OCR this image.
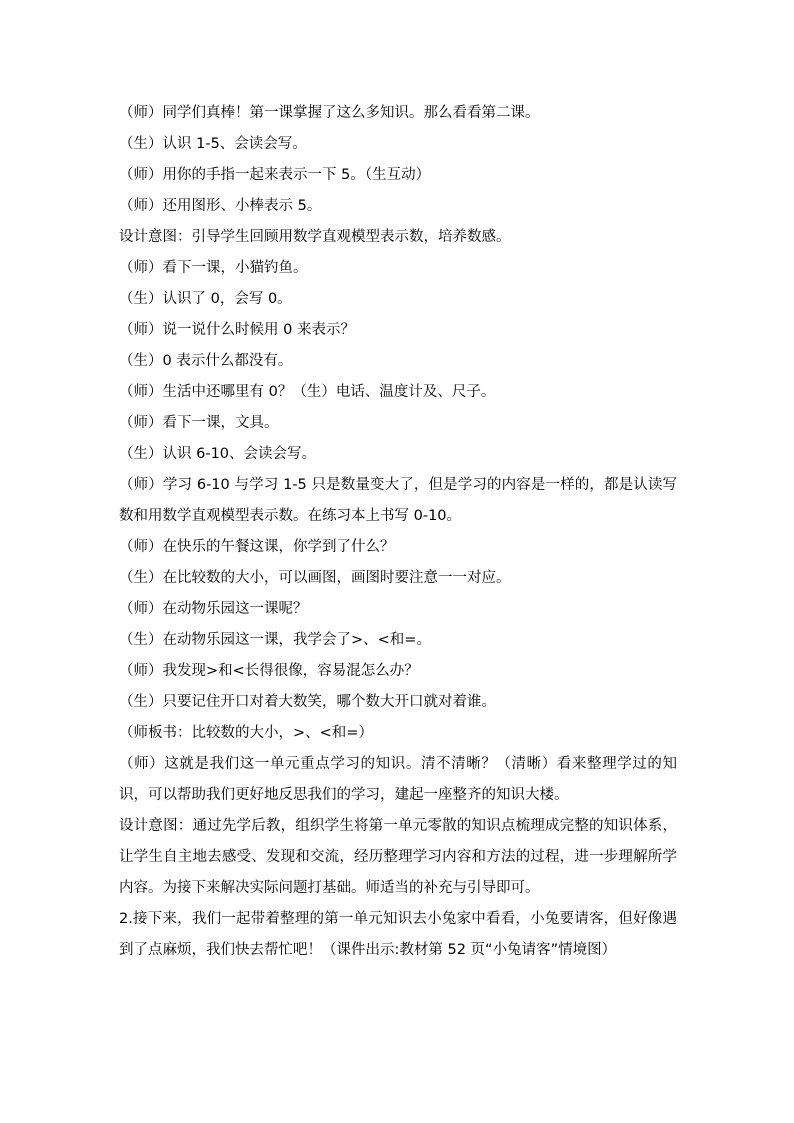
（师）同学们真棒！第一课掌握了这么多知识。那么看看第二课。
（生）认识 1-5、会读会写。
（师）用你的手指一起来表示一下 5。（生互动）
（师）还用图形、小棒表示 5。
设计意图：引导学生回顾用数学直观模型表示数，培养数感。
（师）看下一课，小猫钓鱼。
（生）认识了 0，会写 0。
（师）说一说什么时候用 0 来表示？
（生）0 表示什么都没有。
（师）生活中还哪里有 0？（生）电话、温度计及、尺子。
（师）看下一课，文具。
（生）认识 6-10、会读会写。
（师）学习 6-10 与学习 1-5 只是数量变大了，但是学习的内容是一样的，都是认读写数和用数学直观模型表示数。在练习本上书写 0-10。
（师）在快乐的午餐这课，你学到了什么？
（生）在比较数的大小，可以画图，画图时要注意一一对应。
（师）在动物乐园这一课呢？
（生）在动物乐园这一课，我学会了>、<和=。
（师）我发现>和<长得很像，容易混怎么办？
（生）只要记住开口对着大数笑，哪个数大开口就对着谁。
（师板书：比较数的大小，>、<和=）
（师）这就是我们这一单元重点学习的知识。清不清晰？（清晰）看来整理学过的知识，可以帮助我们更好地反思我们的学习，建起一座整齐的知识大楼。
设计意图：通过先学后教，组织学生将第一单元零散的知识点梳理成完整的知识体系，让学生自主地去感受、发现和交流，经历整理学习内容和方法的过程，进一步理解所学内容。为接下来解决实际问题打基础。师适当的补充与引导即可。
2.接下来，我们一起带着整理的第一单元知识去小兔家中看看，小兔要请客，但好像遇到了点麻烦，我们快去帮忙吧！（课件出示:教材第 52 页“小兔请客”情境图）
